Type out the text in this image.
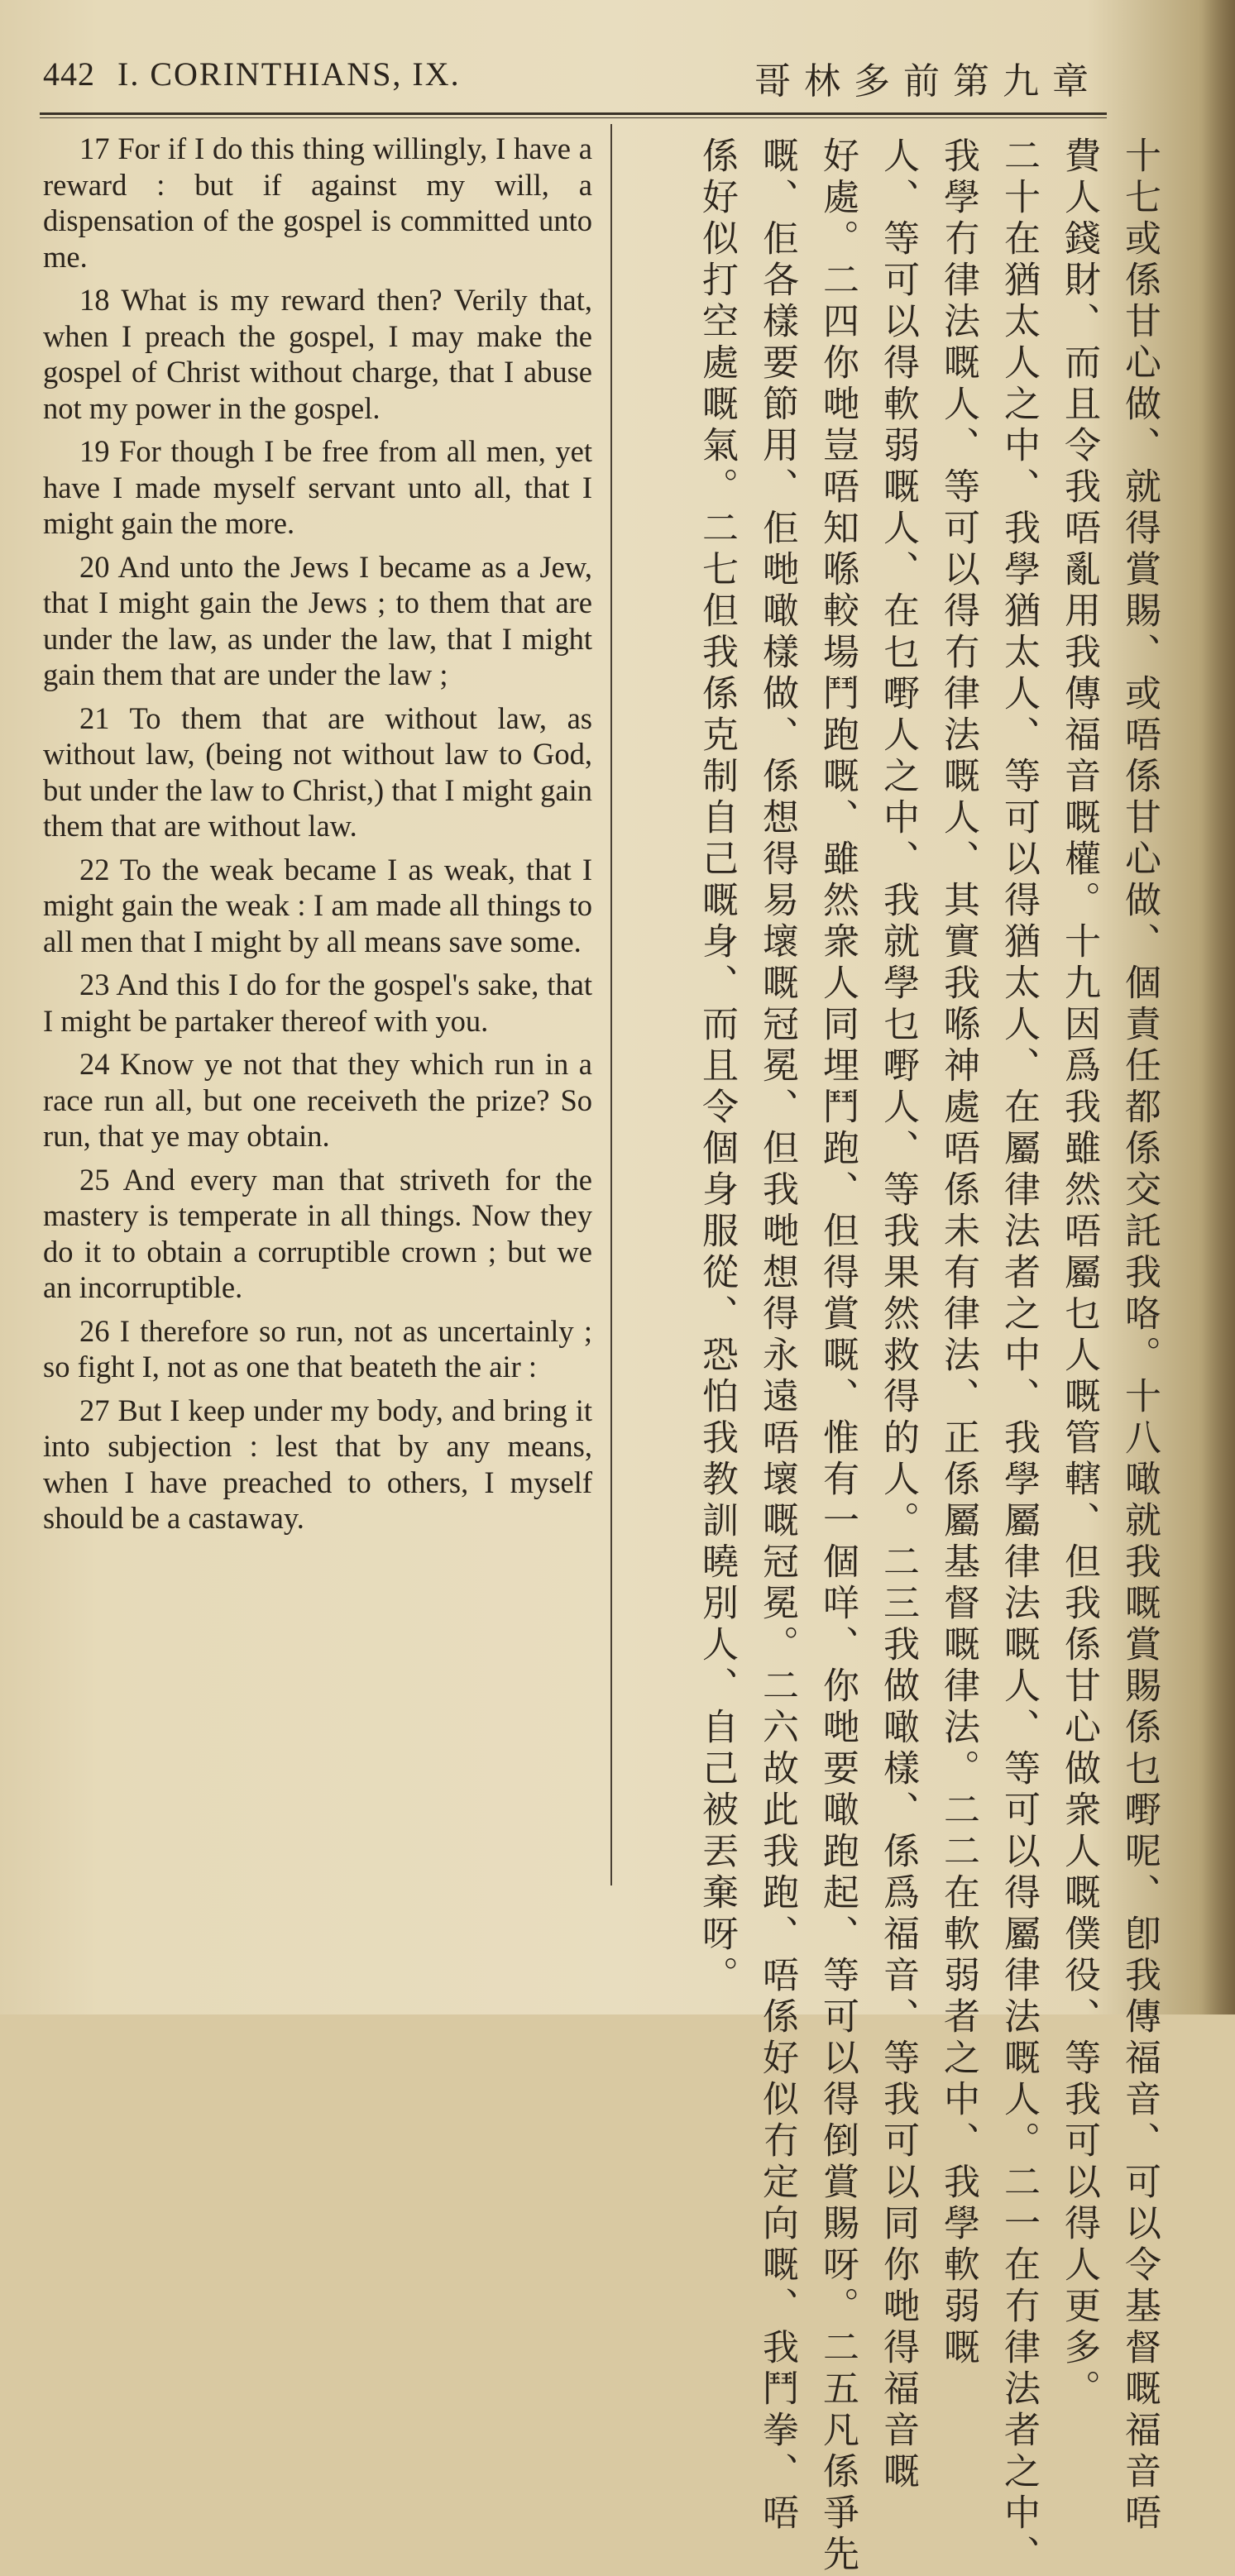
442 I. CORINTHIANS, IX.	哥林多前第九章

17 For if I do this thing willingly, I have a reward : but if against my will, a dispensation of the gospel is committed unto me.

18 What is my reward then? Verily that, when I preach the gospel, I may make the gospel of Christ without charge, that I abuse not my power in the gospel.

19 For though I be free from all men, yet have I made myself servant unto all, that I might gain the more.

20 And unto the Jews I became as a Jew, that I might gain the Jews ; to them that are under the law, as under the law, that I might gain them that are under the law ;

21 To them that are without law, as without law, (being not without law to God, but under the law to Christ,) that I might gain them that are without law.

22 To the weak became I as weak, that I might gain the weak : I am made all things to all men that I might by all means save some.

23 And this I do for the gospel's sake, that I might be partaker thereof with you.

24 Know ye not that they which run in a race run all, but one receiveth the prize? So run, that ye may obtain.

25 And every man that striveth for the mastery is temperate in all things. Now they do it to obtain a corruptible crown ; but we an incorruptible.

26 I therefore so run, not as uncertainly ; so fight I, not as one that beateth the air :

27 But I keep under my body, and bring it into subjection : lest that by any means, when I have preached to others, I myself should be a castaway.	十七或係甘心做、就得賞賜、或唔係甘心做、個責任都係交託我咯。十八噉就我嘅賞賜係乜嘢呢、卽我傳福音、可以令基督嘅福音唔
費人錢財、而且令我唔亂用我傳福音嘅權。十九因爲我雖然唔屬乜人嘅管轄、但我係甘心做衆人嘅僕役、等我可以得人更多。
二十在猶太人之中、我學猶太人、等可以得猶太人、在屬律法者之中、我學屬律法嘅人、等可以得屬律法嘅人。二一在冇律法者之中、
我學冇律法嘅人、等可以得冇律法嘅人、其實我喺神處唔係未有律法、正係屬基督嘅律法。二二在軟弱者之中、我學軟弱嘅
人、等可以得軟弱嘅人、在乜嘢人之中、我就學乜嘢人、等我果然救得的人。二三我做噉樣、係爲福音、等我可以同你哋得福音嘅
好處。二四你哋豈唔知喺較場鬥跑嘅、雖然衆人同埋鬥跑、但得賞嘅、惟有一個咩、你哋要噉跑起、等可以得倒賞賜呀。二五凡係爭先
嘅、佢各樣要節用、佢哋噉樣做、係想得易壞嘅冠冕、但我哋想得永遠唔壞嘅冠冕。二六故此我跑、唔係好似冇定向嘅、我鬥拳、唔
係好似打空處嘅氣。二七但我係克制自己嘅身、而且令個身服從、恐怕我教訓曉別人、自己被丟棄呀。
